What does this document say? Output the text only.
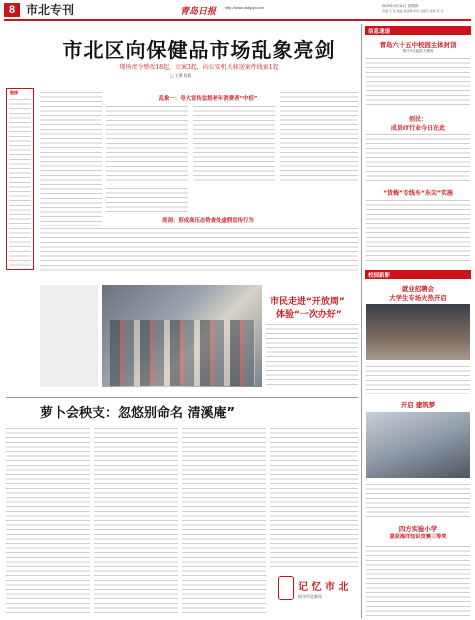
8 市北专刊	青岛日报 http://www.dailyqd.com	2019年4月11日 星期四
责编 王 涛 美编 吴丽娜 审读 刘国庆 排版 邢 亮
市北区向保健品市场乱象亮剑
现场责令整改18起，立案3起，向公安机关移送案件线索1起
□ 王勇 张莉
链接
乱象一：夸大宣传忽悠老年消费者“中招”
亮剑：形成高压态势查处虚假宣传行为
市民走进“开放周”
体验“一次办好”
萝卜会秧支：忽悠别命名 清溪庵”
记 忆 市 北
探寻市北新角
信息速递
青岛六十五中校园主体封顶
预计9月起投入使用
创民：
成县IT行业今日在此
“货梅”专线车“东尖”实施
校园新影
就业招聘会
大学生专场火热开启
开启 建筑梦
四方实验小学
喜获海洋知识竞赛三等奖
